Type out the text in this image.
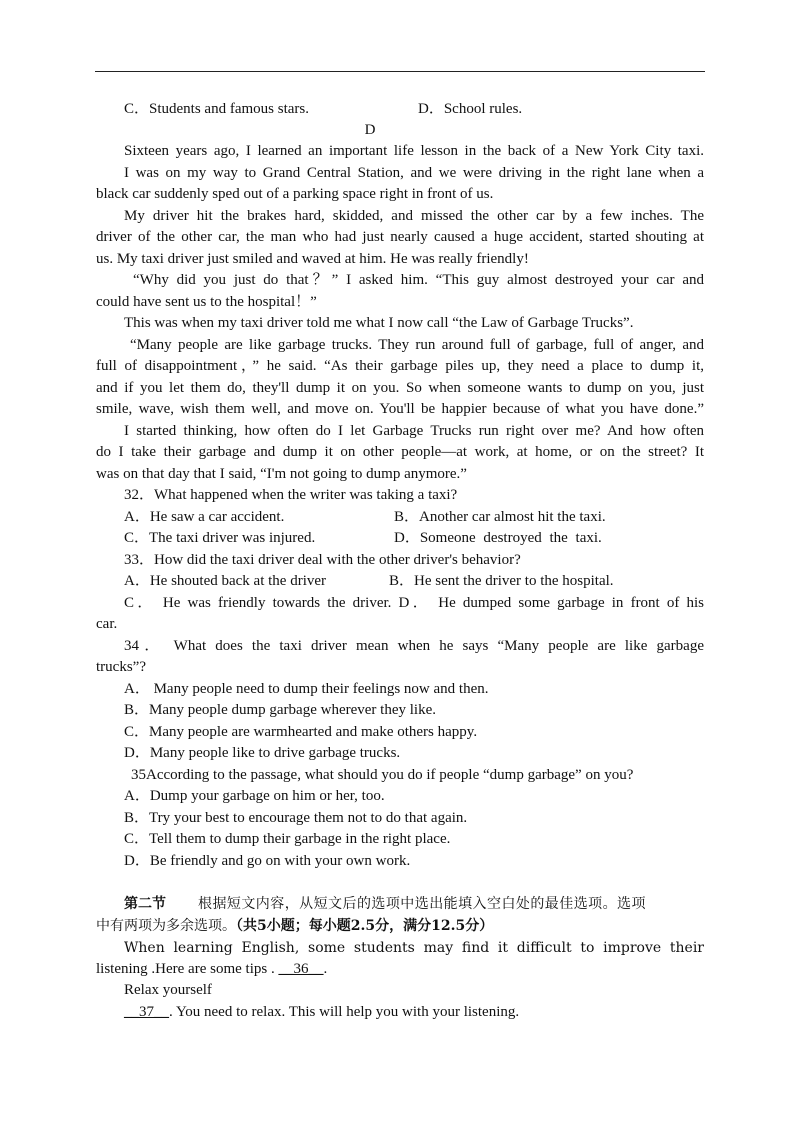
C．Students and famous stars.	D．School rules.
D
Sixteen years ago, I learned an important life lesson in the back of a New York City taxi.
I was on my way to Grand Central Station, and we were driving in the right lane when a
black car suddenly sped out of a parking space right in front of us.
My driver hit the brakes hard, skidded, and missed the other car by a few inches. The
driver of the other car, the man who had just nearly caused a huge accident, started shouting at
us. My taxi driver just smiled and waved at him. He was really friendly!
“Why did you just do that？” I asked him. “This guy almost destroyed your car and
could have sent us to the hospital！”
This was when my taxi driver told me what I now call “the Law of Garbage Trucks”.
“Many people are like garbage trucks. They run around full of garbage, full of anger, and
full of disappointment，” he said. “As their garbage piles up, they need a place to dump it,
and if you let them do, they'll dump it on you. So when someone wants to dump on you, just
smile, wave, wish them well, and move on. You'll be happier because of what you have done.”
I started thinking, how often do I let Garbage Trucks run right over me? And how often
do I take their garbage and dump it on other people—at work, at home, or on the street? It
was on that day that I said, “I'm not going to dump anymore.”
32．What happened when the writer was taking a taxi?
A．He saw a car accident.	B．Another car almost hit the taxi.
C．The taxi driver was injured.	D．Someone destroyed the taxi.
33．How did the taxi driver deal with the other driver's behavior?
A．He shouted back at the driver	B．He sent the driver to the hospital.
C． He was friendly towards the driver. D． He dumped some garbage in front of his
car.
34． What does the taxi driver mean when he says “Many people are like garbage
trucks”?
A． Many people need to dump their feelings now and then.
B．Many people dump garbage wherever they like.
C．Many people are warmhearted and make others happy.
D．Many people like to drive garbage trucks.
35According to the passage, what should you do if people “dump garbage” on you?
A．Dump your garbage on him or her, too.
B．Try your best to encourage them not to do that again.
C．Tell them to dump their garbage in the right place.
D．Be friendly and go on with your own work.
第二节 根据短文内容，从短文后的选项中选出能填入空白处的最佳选项。选项
中有两项为多余选项。（共5小题；每小题2.5分，满分12.5分）
When learning English, some students may find it difficult to improve their
listening .Here are some tips . __36__.
Relax yourself
__37__. You need to relax. This will help you with your listening.
